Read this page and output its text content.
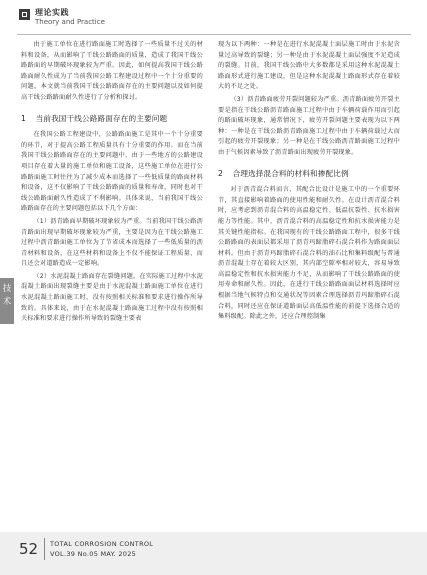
理论实践
Theory and Practice

由于施工单位在进行路面施工时选择了一些质量不过关的材料和设备，从而影响了干线公路路面的质量，造成了我国干线公路路面的早期破坏现象较为严重。因此，如何提高我国干线公路路面耐久性成为了当前我国公路工程建设过程中一个十分重要的问题。本文就当前我国干线公路路面存在的主要问题以及如何提高干线公路路面耐久性进行了分析和探讨。

1 当前我国干线公路路面存在的主要问题

在我国公路工程建设中，公路路面施工是其中一个十分重要的环节，对于提高公路工程质量具有十分重要的作用。而在当前我国干线公路路面存在的主要问题中，由于一些地方的公路建设项目存在着大量的施工单位和施工设备，这些施工单位在进行公路路面施工时往往为了减少成本而选择了一些低质量的路面材料和设备，这不仅影响了干线公路路面的质量和寿命，同时也对干线公路路面耐久性造成了不利影响。具体来说，当前我国干线公路路面存在的主要问题包括以下几个方面：

（1）沥青路面早期破坏现象较为严重。当前我国干线公路沥青路面出现早期破坏现象较为严重，主要是因为在干线公路施工过程中沥青路面施工单位为了节省成本而选择了一些低质量的沥青材料和设备，在这些材料和设备上不仅不能保证工程质量，而且还会对道路造成一定影响。

（2）水泥混凝土路面存在裂缝问题。在实际施工过程中水泥混凝土路面出现裂缝主要是由于水泥混凝土路面施工单位在进行水泥混凝土路面施工时，没有按照相关标准和要求进行操作所导致的。具体来说，由于在水泥混凝土路面施工过程中没有按照相关标准和要求进行操作所导致的裂缝主要表

现为以下两种：一种是在进行水泥混凝土面层施工时由于水泥含量过高导致的裂缝；另一种是由于水泥混凝土面层强度不足造成的裂缝。目前，我国干线公路中大多数都是采用这种水泥混凝土路面形式进行施工建设，但是这种水泥混凝土路面形式存在着较大的不足之处。

（3）沥青路面疲劳开裂问题较为严重。沥青路面疲劳开裂主要是指在干线公路沥青路面施工过程中由于车辆荷载作用而引起的路面破坏现象，通常情况下，疲劳开裂问题主要表现为以下两种：一种是在干线公路沥青路面施工过程中由于车辆荷载过大而引起的疲劳开裂现象；另一种是在干线公路沥青路面施工过程中由于气候因素导致了沥青路面出现疲劳开裂现象。

2 合理选择混合料的材料和掺配比例

对于沥青混合料而言，其配合比设计是施工中的一个重要环节，其直接影响着路面的使用性能和耐久性。在设计沥青混合料时，应考虑到沥青混合料的高温稳定性、低温抗裂性、抗水损害能力等性能。其中，沥青混合料的高温稳定性和抗水损害能力是其关键性能指标。在我国现有的干线公路路面工程中，很多干线公路路面的表面层都采用了沥青玛蹄脂碎石混合料作为路面面层材料。但由于沥青玛蹄脂碎石混合料的油石比和集料级配与普通沥青混凝土存在着较大区别，其内部空隙率相对较大，容易导致高温稳定性和抗水损害能力不足，从而影响了干线公路路面的使用寿命和耐久性。因此，在进行干线公路路面面层材料选择时应根据当地气候特点和交通状况等因素合理选择沥青玛蹄脂碎石混合料，同时还应在保证道路面层高低温性能的前提下选择合适的集料级配。除此之外，还应合理控制集

技术
52 TOTAL CORROSION CONTROL
VOL.39 No.05 MAY. 2025
